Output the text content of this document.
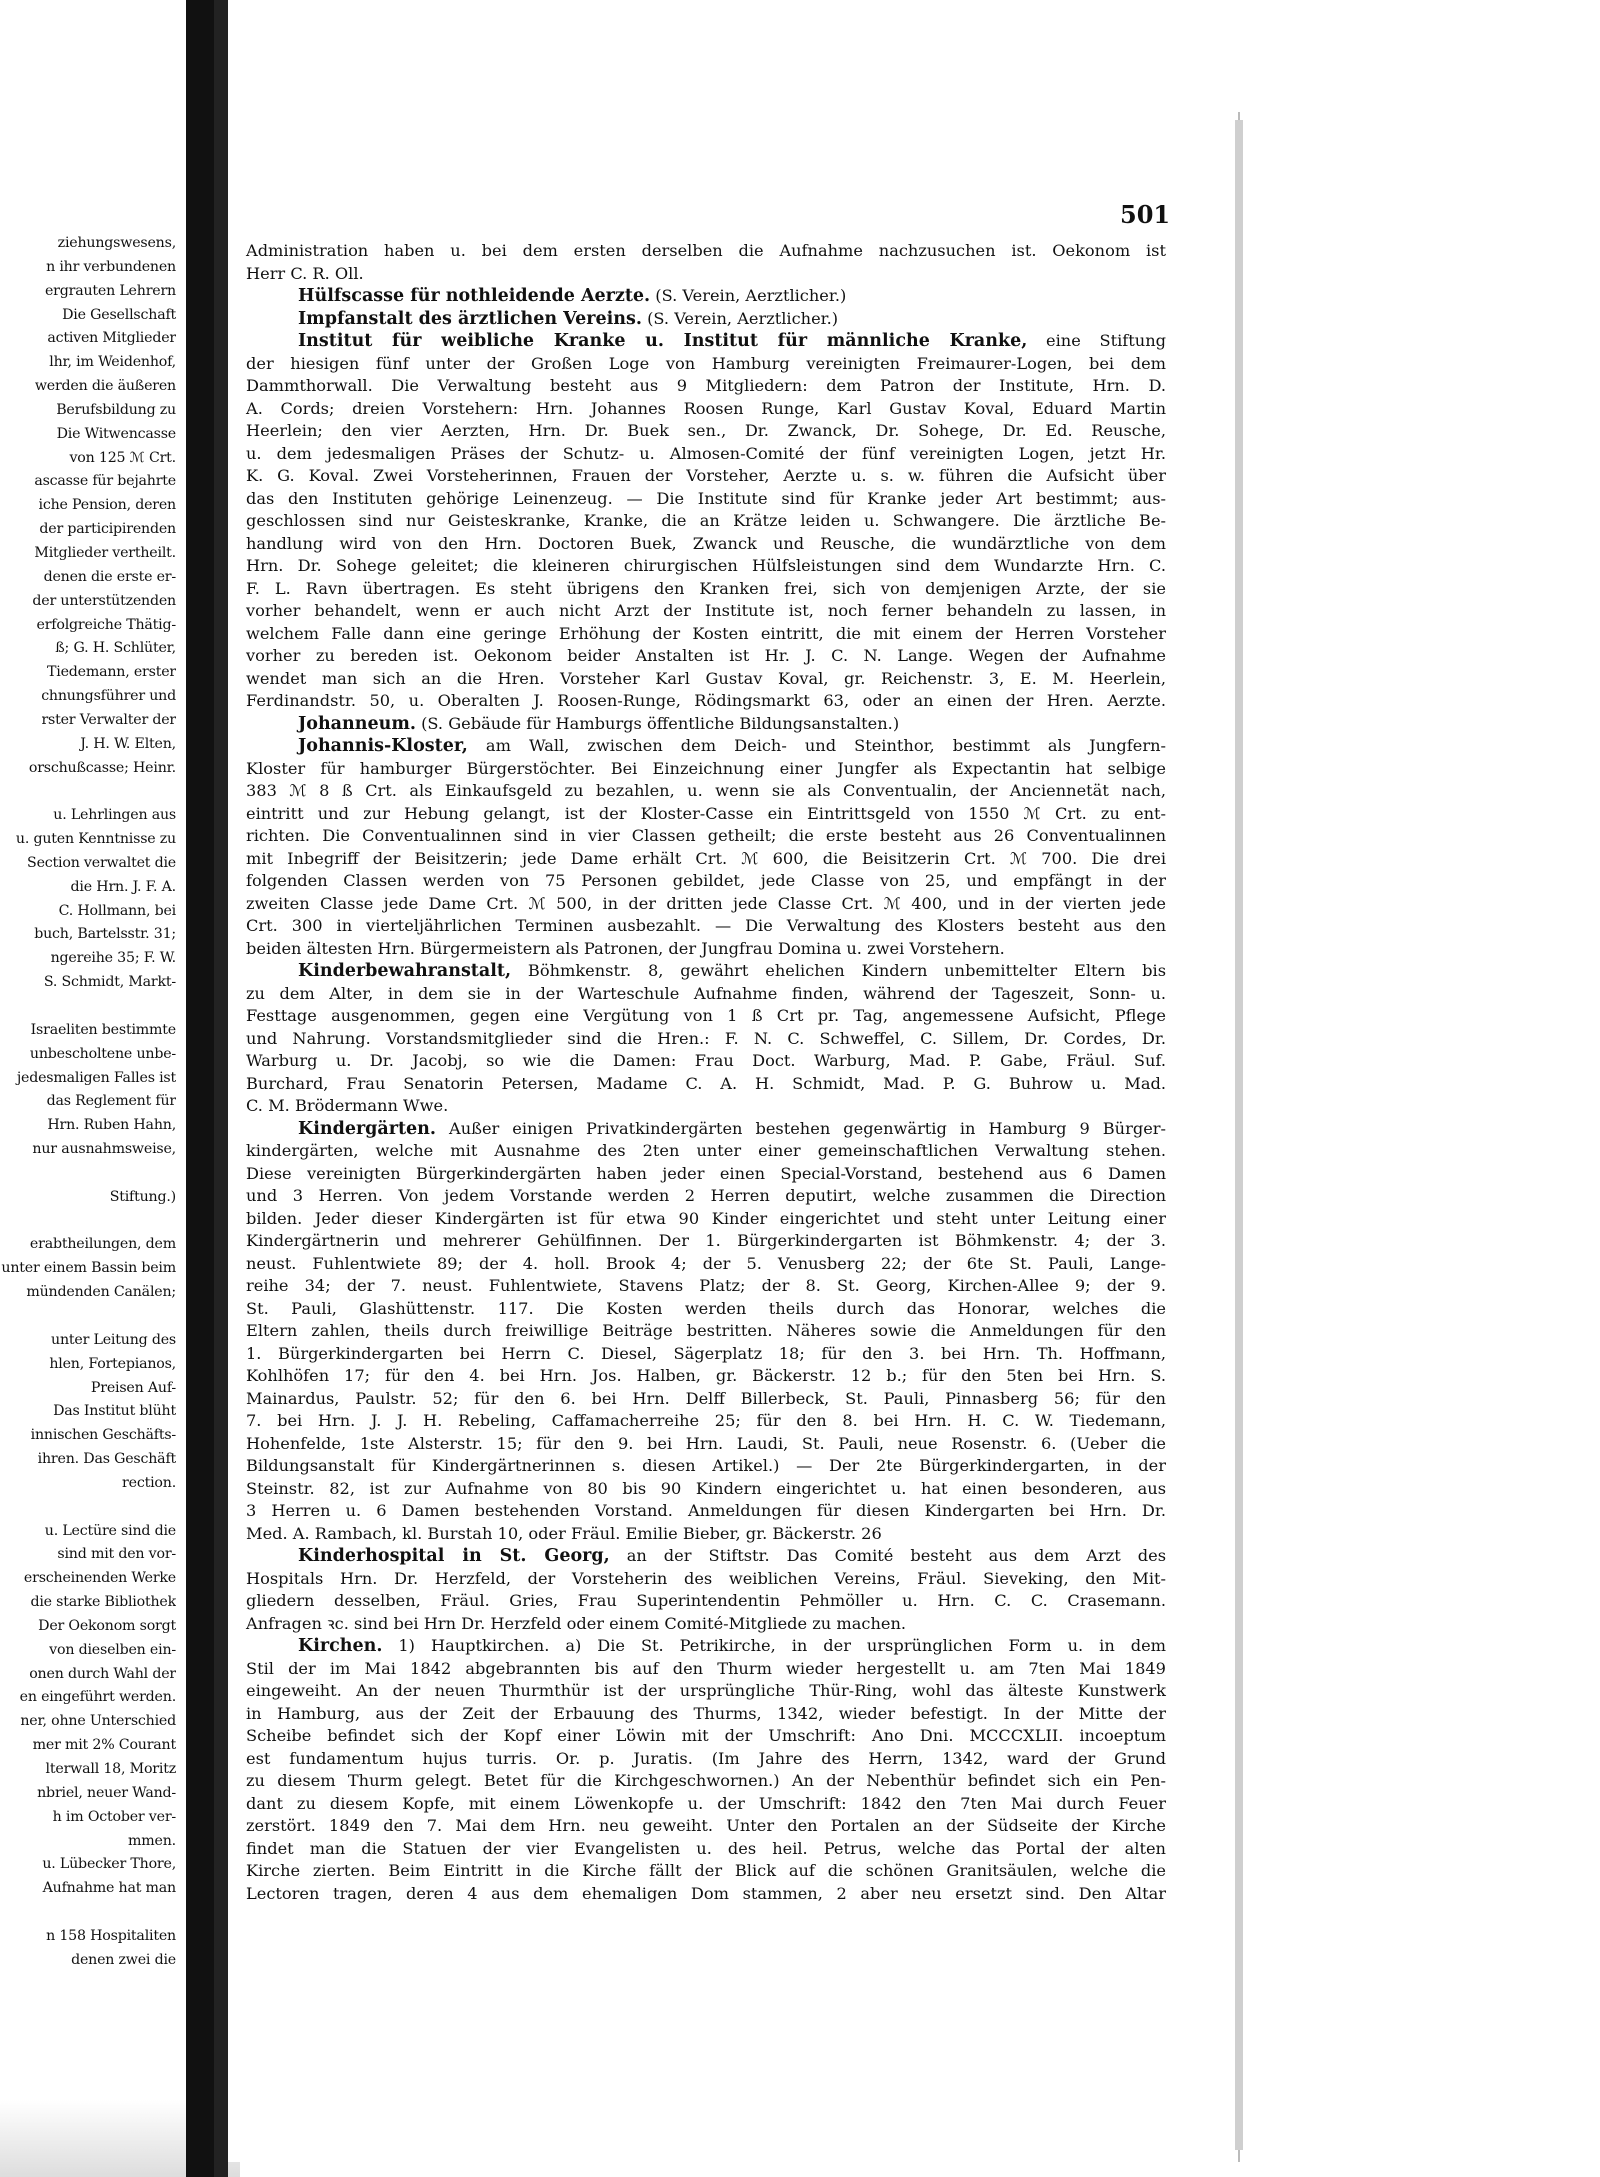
ziehungswesens,
n ihr verbundenen
ergrauten Lehrern
Die Gesellschaft
activen Mitglieder
lhr, im Weidenhof,
werden die äußeren
Berufsbildung zu
Die Witwencasse
von 125 ℳ Crt.
ascasse für bejahrte
iche Pension, deren
der participirenden
Mitglieder vertheilt.
denen die erste er-
der unterstützenden
erfolgreiche Thätig-
ß; G. H. Schlüter,
Tiedemann, erster
chnungsführer und
rster Verwalter der
J. H. W. Elten,
orschußcasse; Heinr.

u. Lehrlingen aus
u. guten Kenntnisse zu
Section verwaltet die
die Hrn. J. F. A.
C. Hollmann, bei
buch, Bartelsstr. 31;
ngereihe 35; F. W.
S. Schmidt, Markt-

Israeliten bestimmte
unbescholtene unbe-
jedesmaligen Falles ist
das Reglement für
Hrn. Ruben Hahn,
nur ausnahmsweise,

Stiftung.)

erabtheilungen, dem
unter einem Bassin beim
mündenden Canälen;

unter Leitung des
hlen, Fortepianos,
Preisen Auf-
Das Institut blüht
innischen Geschäfts-
ihren. Das Geschäft
rection.

u. Lectüre sind die
sind mit den vor-
erscheinenden Werke
die starke Bibliothek
Der Oekonom sorgt
von dieselben ein-
onen durch Wahl der
en eingeführt werden.
ner, ohne Unterschied
mer mit 2% Courant
lterwall 18, Moritz
nbriel, neuer Wand-
h im October ver-
mmen.
u. Lübecker Thore,
Aufnahme hat man

n 158 Hospitaliten
denen zwei die
501

Administration haben u. bei dem ersten derselben die Aufnahme nachzusuchen ist. Oekonom ist

Herr C. R. Oll.

Hülfscasse für nothleidende Aerzte. (S. Verein, Aerztlicher.)

Impfanstalt des ärztlichen Vereins. (S. Verein, Aerztlicher.)

Institut für weibliche Kranke u. Institut für männliche Kranke, eine Stiftung

der hiesigen fünf unter der Großen Loge von Hamburg vereinigten Freimaurer-Logen, bei dem

Dammthorwall. Die Verwaltung besteht aus 9 Mitgliedern: dem Patron der Institute, Hrn. D.

A. Cords; dreien Vorstehern: Hrn. Johannes Roosen Runge, Karl Gustav Koval, Eduard Martin

Heerlein; den vier Aerzten, Hrn. Dr. Buek sen., Dr. Zwanck, Dr. Sohege, Dr. Ed. Reusche,

u. dem jedesmaligen Präses der Schutz- u. Almosen-Comité der fünf vereinigten Logen, jetzt Hr.

K. G. Koval. Zwei Vorsteherinnen, Frauen der Vorsteher, Aerzte u. s. w. führen die Aufsicht über

das den Instituten gehörige Leinenzeug. — Die Institute sind für Kranke jeder Art bestimmt; aus-

geschlossen sind nur Geisteskranke, Kranke, die an Krätze leiden u. Schwangere. Die ärztliche Be-

handlung wird von den Hrn. Doctoren Buek, Zwanck und Reusche, die wundärztliche von dem

Hrn. Dr. Sohege geleitet; die kleineren chirurgischen Hülfsleistungen sind dem Wundarzte Hrn. C.

F. L. Ravn übertragen. Es steht übrigens den Kranken frei, sich von demjenigen Arzte, der sie

vorher behandelt, wenn er auch nicht Arzt der Institute ist, noch ferner behandeln zu lassen, in

welchem Falle dann eine geringe Erhöhung der Kosten eintritt, die mit einem der Herren Vorsteher

vorher zu bereden ist. Oekonom beider Anstalten ist Hr. J. C. N. Lange. Wegen der Aufnahme

wendet man sich an die Hren. Vorsteher Karl Gustav Koval, gr. Reichenstr. 3, E. M. Heerlein,

Ferdinandstr. 50, u. Oberalten J. Roosen-Runge, Rödingsmarkt 63, oder an einen der Hren. Aerzte.

Johanneum. (S. Gebäude für Hamburgs öffentliche Bildungsanstalten.)

Johannis-Kloster, am Wall, zwischen dem Deich- und Steinthor, bestimmt als Jungfern-

Kloster für hamburger Bürgerstöchter. Bei Einzeichnung einer Jungfer als Expectantin hat selbige

383 ℳ 8 ß Crt. als Einkaufsgeld zu bezahlen, u. wenn sie als Conventualin, der Anciennetät nach,

eintritt und zur Hebung gelangt, ist der Kloster-Casse ein Eintrittsgeld von 1550 ℳ Crt. zu ent-

richten. Die Conventualinnen sind in vier Classen getheilt; die erste besteht aus 26 Conventualinnen

mit Inbegriff der Beisitzerin; jede Dame erhält Crt. ℳ 600, die Beisitzerin Crt. ℳ 700. Die drei

folgenden Classen werden von 75 Personen gebildet, jede Classe von 25, und empfängt in der

zweiten Classe jede Dame Crt. ℳ 500, in der dritten jede Classe Crt. ℳ 400, und in der vierten jede

Crt. 300 in vierteljährlichen Terminen ausbezahlt. — Die Verwaltung des Klosters besteht aus den

beiden ältesten Hrn. Bürgermeistern als Patronen, der Jungfrau Domina u. zwei Vorstehern.

Kinderbewahranstalt, Böhmkenstr. 8, gewährt ehelichen Kindern unbemittelter Eltern bis

zu dem Alter, in dem sie in der Warteschule Aufnahme finden, während der Tageszeit, Sonn- u.

Festtage ausgenommen, gegen eine Vergütung von 1 ß Crt pr. Tag, angemessene Aufsicht, Pflege

und Nahrung. Vorstandsmitglieder sind die Hren.: F. N. C. Schweffel, C. Sillem, Dr. Cordes, Dr.

Warburg u. Dr. Jacobj, so wie die Damen: Frau Doct. Warburg, Mad. P. Gabe, Fräul. Suf.

Burchard, Frau Senatorin Petersen, Madame C. A. H. Schmidt, Mad. P. G. Buhrow u. Mad.

C. M. Brödermann Wwe.

Kindergärten. Außer einigen Privatkindergärten bestehen gegenwärtig in Hamburg 9 Bürger-

kindergärten, welche mit Ausnahme des 2ten unter einer gemeinschaftlichen Verwaltung stehen.

Diese vereinigten Bürgerkindergärten haben jeder einen Special-Vorstand, bestehend aus 6 Damen

und 3 Herren. Von jedem Vorstande werden 2 Herren deputirt, welche zusammen die Direction

bilden. Jeder dieser Kindergärten ist für etwa 90 Kinder eingerichtet und steht unter Leitung einer

Kindergärtnerin und mehrerer Gehülfinnen. Der 1. Bürgerkindergarten ist Böhmkenstr. 4; der 3.

neust. Fuhlentwiete 89; der 4. holl. Brook 4; der 5. Venusberg 22; der 6te St. Pauli, Lange-

reihe 34; der 7. neust. Fuhlentwiete, Stavens Platz; der 8. St. Georg, Kirchen-Allee 9; der 9.

St. Pauli, Glashüttenstr. 117. Die Kosten werden theils durch das Honorar, welches die

Eltern zahlen, theils durch freiwillige Beiträge bestritten. Näheres sowie die Anmeldungen für den

1. Bürgerkindergarten bei Herrn C. Diesel, Sägerplatz 18; für den 3. bei Hrn. Th. Hoffmann,

Kohlhöfen 17; für den 4. bei Hrn. Jos. Halben, gr. Bäckerstr. 12 b.; für den 5ten bei Hrn. S.

Mainardus, Paulstr. 52; für den 6. bei Hrn. Delff Billerbeck, St. Pauli, Pinnasberg 56; für den

7. bei Hrn. J. J. H. Rebeling, Caffamacherreihe 25; für den 8. bei Hrn. H. C. W. Tiedemann,

Hohenfelde, 1ste Alsterstr. 15; für den 9. bei Hrn. Laudi, St. Pauli, neue Rosenstr. 6. (Ueber die

Bildungsanstalt für Kindergärtnerinnen s. diesen Artikel.) — Der 2te Bürgerkindergarten, in der

Steinstr. 82, ist zur Aufnahme von 80 bis 90 Kindern eingerichtet u. hat einen besonderen, aus

3 Herren u. 6 Damen bestehenden Vorstand. Anmeldungen für diesen Kindergarten bei Hrn. Dr.

Med. A. Rambach, kl. Burstah 10, oder Fräul. Emilie Bieber, gr. Bäckerstr. 26

Kinderhospital in St. Georg, an der Stiftstr. Das Comité besteht aus dem Arzt des

Hospitals Hrn. Dr. Herzfeld, der Vorsteherin des weiblichen Vereins, Fräul. Sieveking, den Mit-

gliedern desselben, Fräul. Gries, Frau Superintendentin Pehmöller u. Hrn. C. C. Crasemann.

Anfragen ꝛc. sind bei Hrn Dr. Herzfeld oder einem Comité-Mitgliede zu machen.

Kirchen. 1) Hauptkirchen. a) Die St. Petrikirche, in der ursprünglichen Form u. in dem

Stil der im Mai 1842 abgebrannten bis auf den Thurm wieder hergestellt u. am 7ten Mai 1849

eingeweiht. An der neuen Thurmthür ist der ursprüngliche Thür-Ring, wohl das älteste Kunstwerk

in Hamburg, aus der Zeit der Erbauung des Thurms, 1342, wieder befestigt. In der Mitte der

Scheibe befindet sich der Kopf einer Löwin mit der Umschrift: Ano Dni. MCCCXLII. incoeptum

est fundamentum hujus turris. Or. p. Juratis. (Im Jahre des Herrn, 1342, ward der Grund

zu diesem Thurm gelegt. Betet für die Kirchgeschwornen.) An der Nebenthür befindet sich ein Pen-

dant zu diesem Kopfe, mit einem Löwenkopfe u. der Umschrift: 1842 den 7ten Mai durch Feuer

zerstört. 1849 den 7. Mai dem Hrn. neu geweiht. Unter den Portalen an der Südseite der Kirche

findet man die Statuen der vier Evangelisten u. des heil. Petrus, welche das Portal der alten

Kirche zierten. Beim Eintritt in die Kirche fällt der Blick auf die schönen Granitsäulen, welche die

Lectoren tragen, deren 4 aus dem ehemaligen Dom stammen, 2 aber neu ersetzt sind. Den Altar
